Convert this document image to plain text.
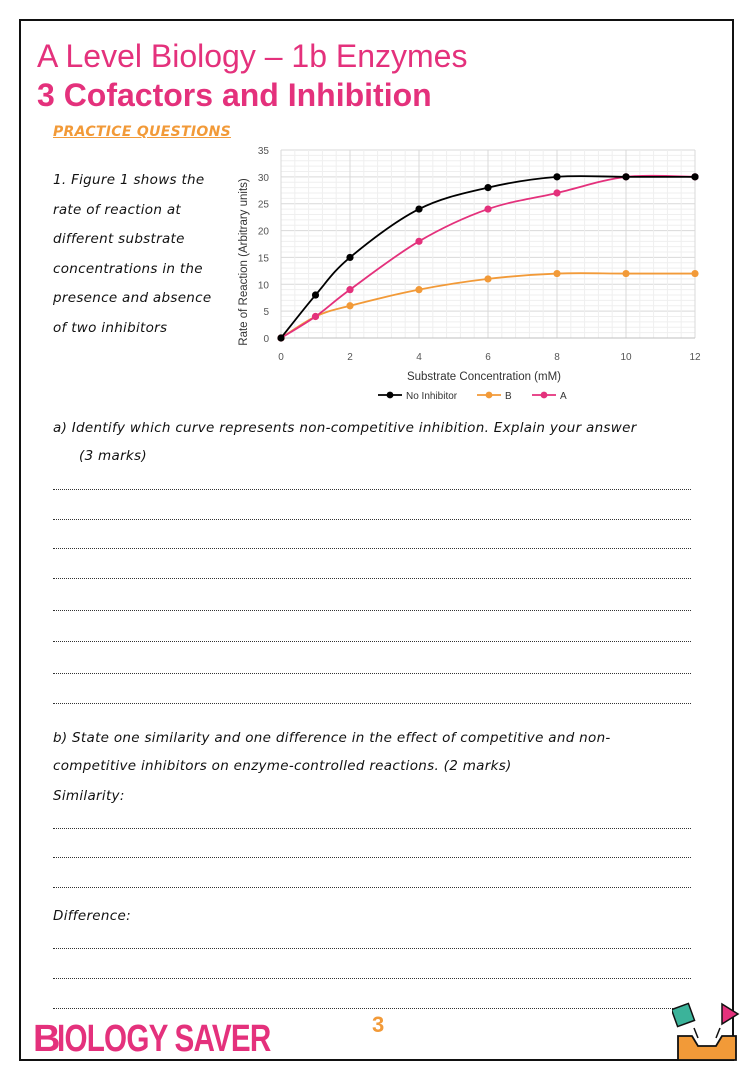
A Level Biology – 1b Enzymes
3 Cofactors and Inhibition
PRACTICE QUESTIONS
1. Figure 1 shows the
rate of reaction at
different substrate
concentrations in the
presence and absence
of two inhibitors
0
5
10
15
20
25
30
35
0	2	4	6	8	10	12
Rate of Reaction (Arbitrary units)
Substrate Concentration (mM)
No Inhibitor	B	A
a) Identify which curve represents non-competitive inhibition. Explain your answer
(3 marks)
b) State one similarity and one difference in the effect of competitive and non-
competitive inhibitors on enzyme-controlled reactions. (2 marks)
Similarity:
Difference:
3
B
IOLOGY SAVER
